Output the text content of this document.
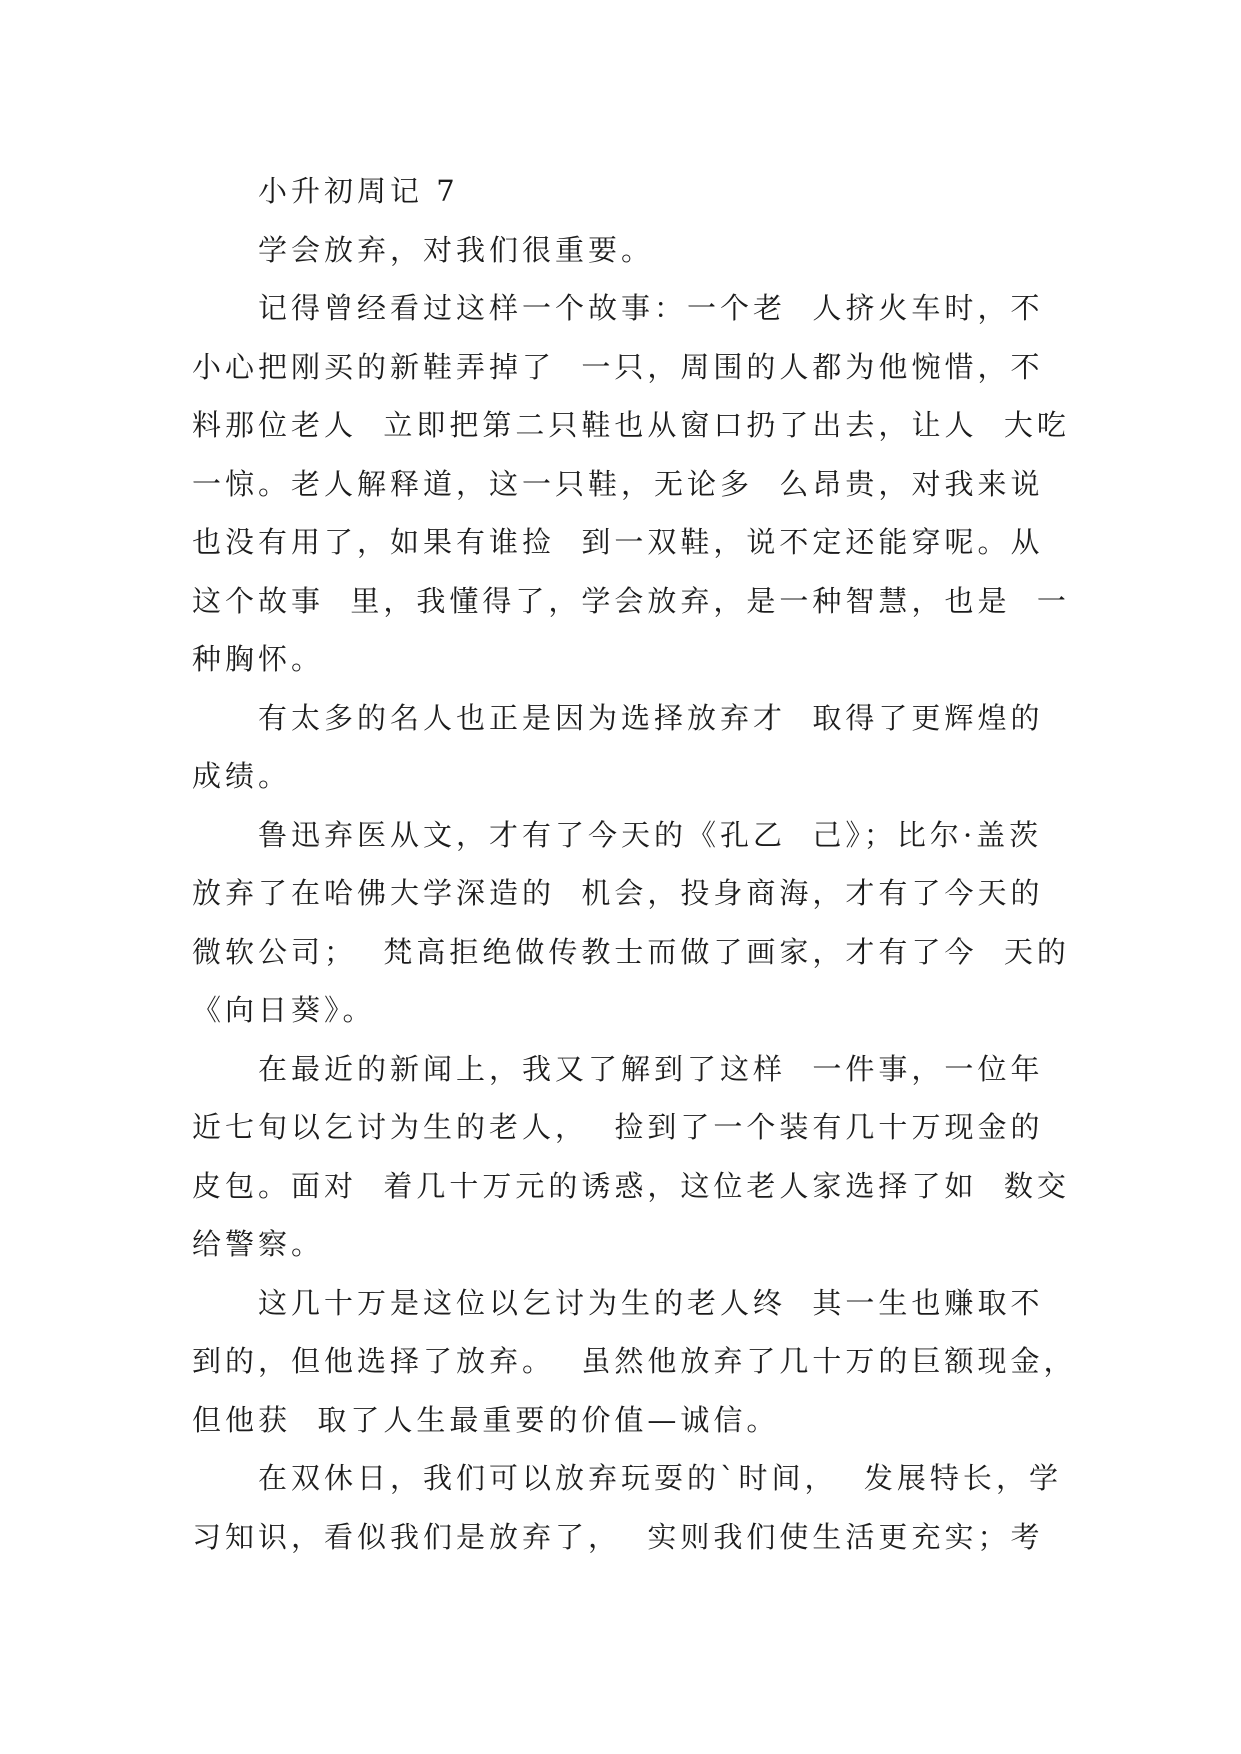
小升初周记 7
学会放弃，对我们很重要。
记得曾经看过这样一个故事：一个老  人挤火车时，不
小心把刚买的新鞋弄掉了  一只，周围的人都为他惋惜，不
料那位老人  立即把第二只鞋也从窗口扔了出去，让人  大吃
一惊。老人解释道，这一只鞋，无论多  么昂贵，对我来说
也没有用了，如果有谁捡  到一双鞋，说不定还能穿呢。从
这个故事  里，我懂得了，学会放弃，是一种智慧，也是  一
种胸怀。
有太多的名人也正是因为选择放弃才  取得了更辉煌的
成绩。
鲁迅弃医从文，才有了今天的《孔乙  己》；比尔·盖茨
放弃了在哈佛大学深造的  机会，投身商海，才有了今天的
微软公司；  梵高拒绝做传教士而做了画家，才有了今  天的
《向日葵》。
在最近的新闻上，我又了解到了这样  一件事，一位年
近七旬以乞讨为生的老人，  捡到了一个装有几十万现金的
皮包。面对  着几十万元的诱惑，这位老人家选择了如  数交
给警察。
这几十万是这位以乞讨为生的老人终  其一生也赚取不
到的，但他选择了放弃。  虽然他放弃了几十万的巨额现金，
但他获  取了人生最重要的价值—诚信。
在双休日，我们可以放弃玩耍的`时间，  发展特长，学
习知识，看似我们是放弃了，  实则我们使生活更充实；考
